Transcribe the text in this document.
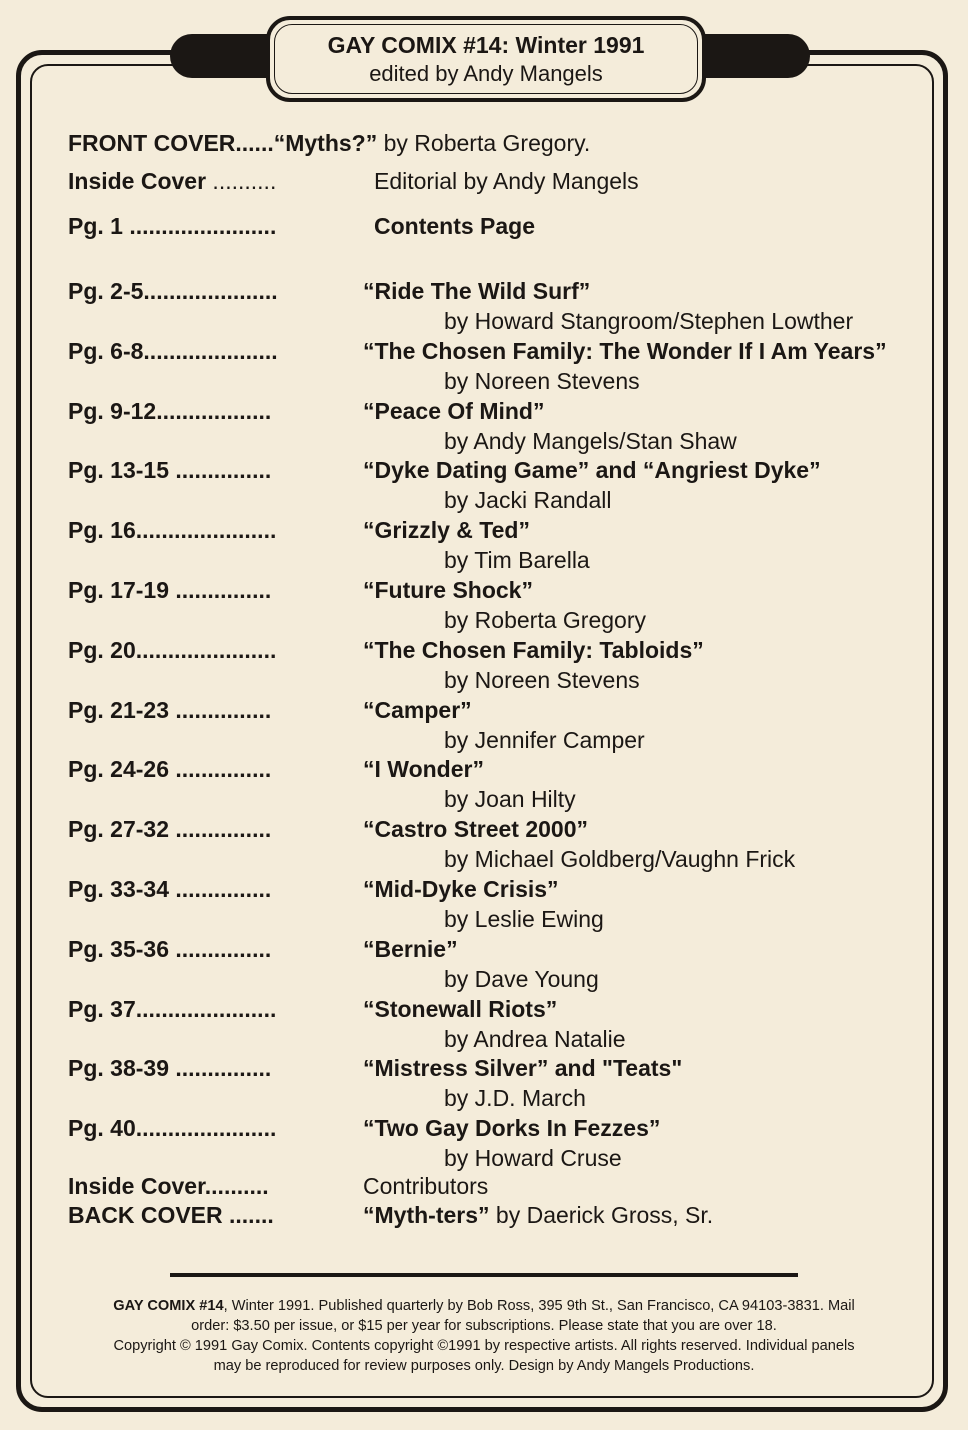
GAY COMIX #14: Winter 1991
edited by Andy Mangels
FRONT COVER......“Myths?” by Roberta Gregory.
Inside Cover ..........	Editorial by Andy Mangels
Pg. 1 .......................	Contents Page
Pg. 2-5.....................	“Ride The Wild Surf”
by Howard Stangroom/Stephen Lowther
Pg. 6-8.....................	“The Chosen Family: The Wonder If I Am Years”
by Noreen Stevens
Pg. 9-12..................	“Peace Of Mind”
by Andy Mangels/Stan Shaw
Pg. 13-15 ...............	“Dyke Dating Game” and “Angriest Dyke”
by Jacki Randall
Pg. 16......................	“Grizzly & Ted”
by Tim Barella
Pg. 17-19 ...............	“Future Shock”
by Roberta Gregory
Pg. 20......................	“The Chosen Family: Tabloids”
by Noreen Stevens
Pg. 21-23 ...............	“Camper”
by Jennifer Camper
Pg. 24-26 ...............	“I Wonder”
by Joan Hilty
Pg. 27-32 ...............	“Castro Street 2000”
by Michael Goldberg/Vaughn Frick
Pg. 33-34 ...............	“Mid-Dyke Crisis”
by Leslie Ewing
Pg. 35-36 ...............	“Bernie”
by Dave Young
Pg. 37......................	“Stonewall Riots”
by Andrea Natalie
Pg. 38-39 ...............	“Mistress Silver” and "Teats"
by J.D. March
Pg. 40......................	“Two Gay Dorks In Fezzes”
by Howard Cruse
Inside Cover..........	Contributors
BACK COVER .......	“Myth-ters” by Daerick Gross, Sr.
GAY COMIX #14, Winter 1991. Published quarterly by Bob Ross, 395 9th St., San Francisco, CA 94103-3831. Mail
order: $3.50 per issue, or $15 per year for subscriptions. Please state that you are over 18.
Copyright © 1991 Gay Comix. Contents copyright ©1991 by respective artists. All rights reserved. Individual panels
may be reproduced for review purposes only. Design by Andy Mangels Productions.
